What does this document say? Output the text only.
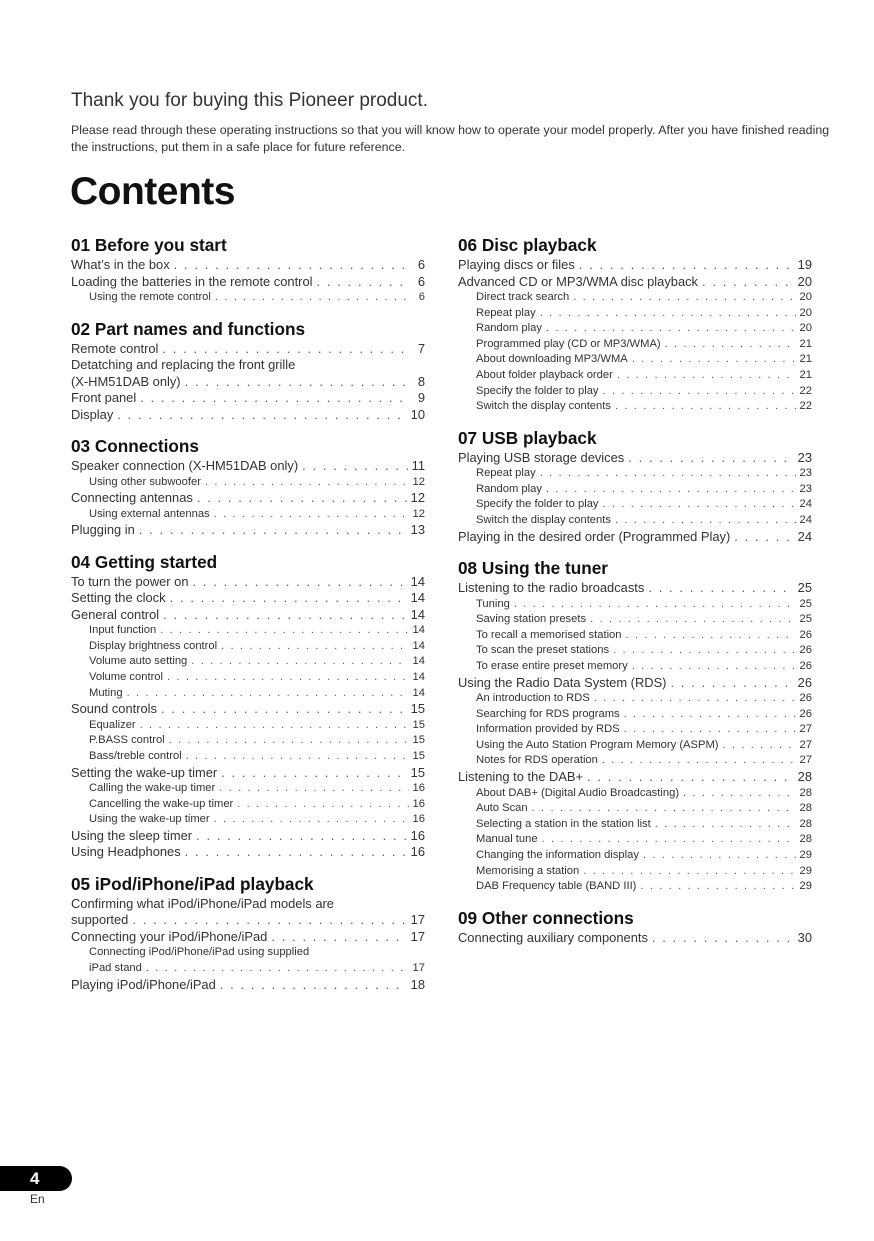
Thank you for buying this Pioneer product.

Please read through these operating instructions so that you will know how to operate your model properly. After you have finished reading the instructions, put them in a safe place for future reference.

Contents
01 Before you start
What’s in the box . . .	6
Loading the batteries in the remote control . . .	6
Using the remote control . . .	6
02 Part names and functions
Remote control . . .	7
Detatching and replacing the front grille
(X-HM51DAB only) . . .	8
Front panel . . .	9
Display . . .	10
03 Connections
Speaker connection (X-HM51DAB only) . . .	11
Using other subwoofer . . .	12
Connecting antennas . . .	12
Using external antennas . . .	12
Plugging in . . .	13
04 Getting started
To turn the power on . . .	14
Setting the clock . . .	14
General control . . .	14
Input function . . .	14
Display brightness control . . .	14
Volume auto setting . . .	14
Volume control . . .	14
Muting . . .	14
Sound controls . . .	15
Equalizer . . .	15
P.BASS control . . .	15
Bass/treble control . . .	15
Setting the wake-up timer . . .	15
Calling the wake-up timer . . .	16
Cancelling the wake-up timer . . .	16
Using the wake-up timer . . .	16
Using the sleep timer . . .	16
Using Headphones . . .	16
05 iPod/iPhone/iPad playback
Confirming what iPod/iPhone/iPad models are
supported . . .	17
Connecting your iPod/iPhone/iPad . . .	17
Connecting iPod/iPhone/iPad using supplied
iPad stand . . .	17
Playing iPod/iPhone/iPad . . .	18
06 Disc playback
Playing discs or files . . .	19
Advanced CD or MP3/WMA disc playback . . .	20
Direct track search . . .	20
Repeat play . . .	20
Random play . . .	20
Programmed play (CD or MP3/WMA) . . .	21
About downloading MP3/WMA . . .	21
About folder playback order . . .	21
Specify the folder to play . . .	22
Switch the display contents . . .	22
07 USB playback
Playing USB storage devices . . .	23
Repeat play . . .	23
Random play . . .	23
Specify the folder to play . . .	24
Switch the display contents . . .	24
Playing in the desired order (Programmed Play) . . .	24
08 Using the tuner
Listening to the radio broadcasts . . .	25
Tuning . . .	25
Saving station presets . . .	25
To recall a memorised station . . .	26
To scan the preset stations . . .	26
To erase entire preset memory . . .	26
Using the Radio Data System (RDS) . . .	26
An introduction to RDS . . .	26
Searching for RDS programs . . .	26
Information provided by RDS . . .	27
Using the Auto Station Program Memory (ASPM) . . .	27
Notes for RDS operation . . .	27
Listening to the DAB+ . . .	28
About DAB+ (Digital Audio Broadcasting) . . .	28
Auto Scan . . .	28
Selecting a station in the station list . . .	28
Manual tune . . .	28
Changing the information display . . .	29
Memorising a station . . .	29
DAB Frequency table (BAND III) . . .	29
09 Other connections
Connecting auxiliary components . . .	30
4
En
